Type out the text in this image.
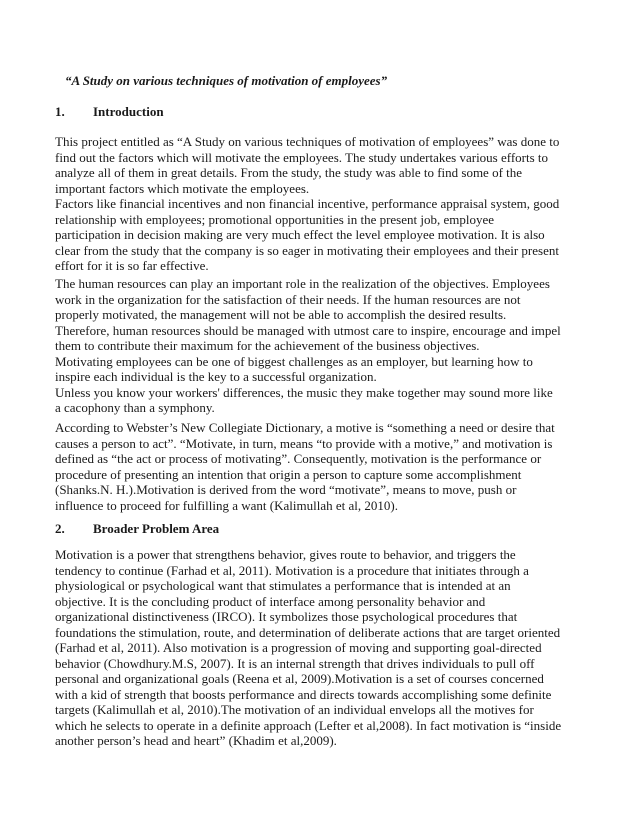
“A Study on various techniques of motivation of employees”

1. Introduction

This project entitled as “A Study on various techniques of motivation of employees” was done to
find out the factors which will motivate the employees. The study undertakes various efforts to
analyze all of them in great details. From the study, the study was able to find some of the
important factors which motivate the employees.
Factors like financial incentives and non financial incentive, performance appraisal system, good
relationship with employees; promotional opportunities in the present job, employee
participation in decision making are very much effect the level employee motivation. It is also
clear from the study that the company is so eager in motivating their employees and their present
effort for it is so far effective.

The human resources can play an important role in the realization of the objectives. Employees
work in the organization for the satisfaction of their needs. If the human resources are not
properly motivated, the management will not be able to accomplish the desired results.
Therefore, human resources should be managed with utmost care to inspire, encourage and impel
them to contribute their maximum for the achievement of the business objectives.
Motivating employees can be one of biggest challenges as an employer, but learning how to
inspire each individual is the key to a successful organization.
Unless you know your workers' differences, the music they make together may sound more like
a cacophony than a symphony.

According to Webster’s New Collegiate Dictionary, a motive is “something a need or desire that
causes a person to act”. “Motivate, in turn, means “to provide with a motive,” and motivation is
defined as “the act or process of motivating”. Consequently, motivation is the performance or
procedure of presenting an intention that origin a person to capture some accomplishment
(Shanks.N. H.).Motivation is derived from the word “motivate”, means to move, push or
influence to proceed for fulfilling a want (Kalimullah et al, 2010).

2. Broader Problem Area

Motivation is a power that strengthens behavior, gives route to behavior, and triggers the
tendency to continue (Farhad et al, 2011). Motivation is a procedure that initiates through a
physiological or psychological want that stimulates a performance that is intended at an
objective. It is the concluding product of interface among personality behavior and
organizational distinctiveness (IRCO). It symbolizes those psychological procedures that
foundations the stimulation, route, and determination of deliberate actions that are target oriented
(Farhad et al, 2011). Also motivation is a progression of moving and supporting goal-directed
behavior (Chowdhury.M.S, 2007). It is an internal strength that drives individuals to pull off
personal and organizational goals (Reena et al, 2009).Motivation is a set of courses concerned
with a kid of strength that boosts performance and directs towards accomplishing some definite
targets (Kalimullah et al, 2010).The motivation of an individual envelops all the motives for
which he selects to operate in a definite approach (Lefter et al,2008). In fact motivation is “inside
another person’s head and heart” (Khadim et al,2009).
